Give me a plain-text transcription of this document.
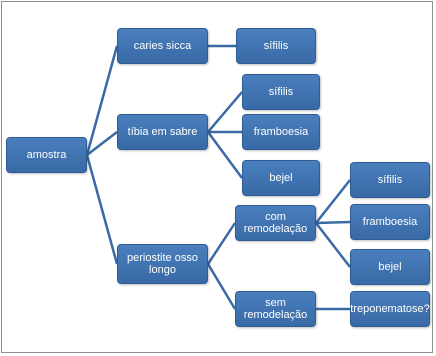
amostra
caries sicca
tíbia em sabre
periostite osso longo
sífilis
sífilis
framboesia
bejel
com remodelação
sem remodelação
sífilis
framboesia
bejel
treponematose?
